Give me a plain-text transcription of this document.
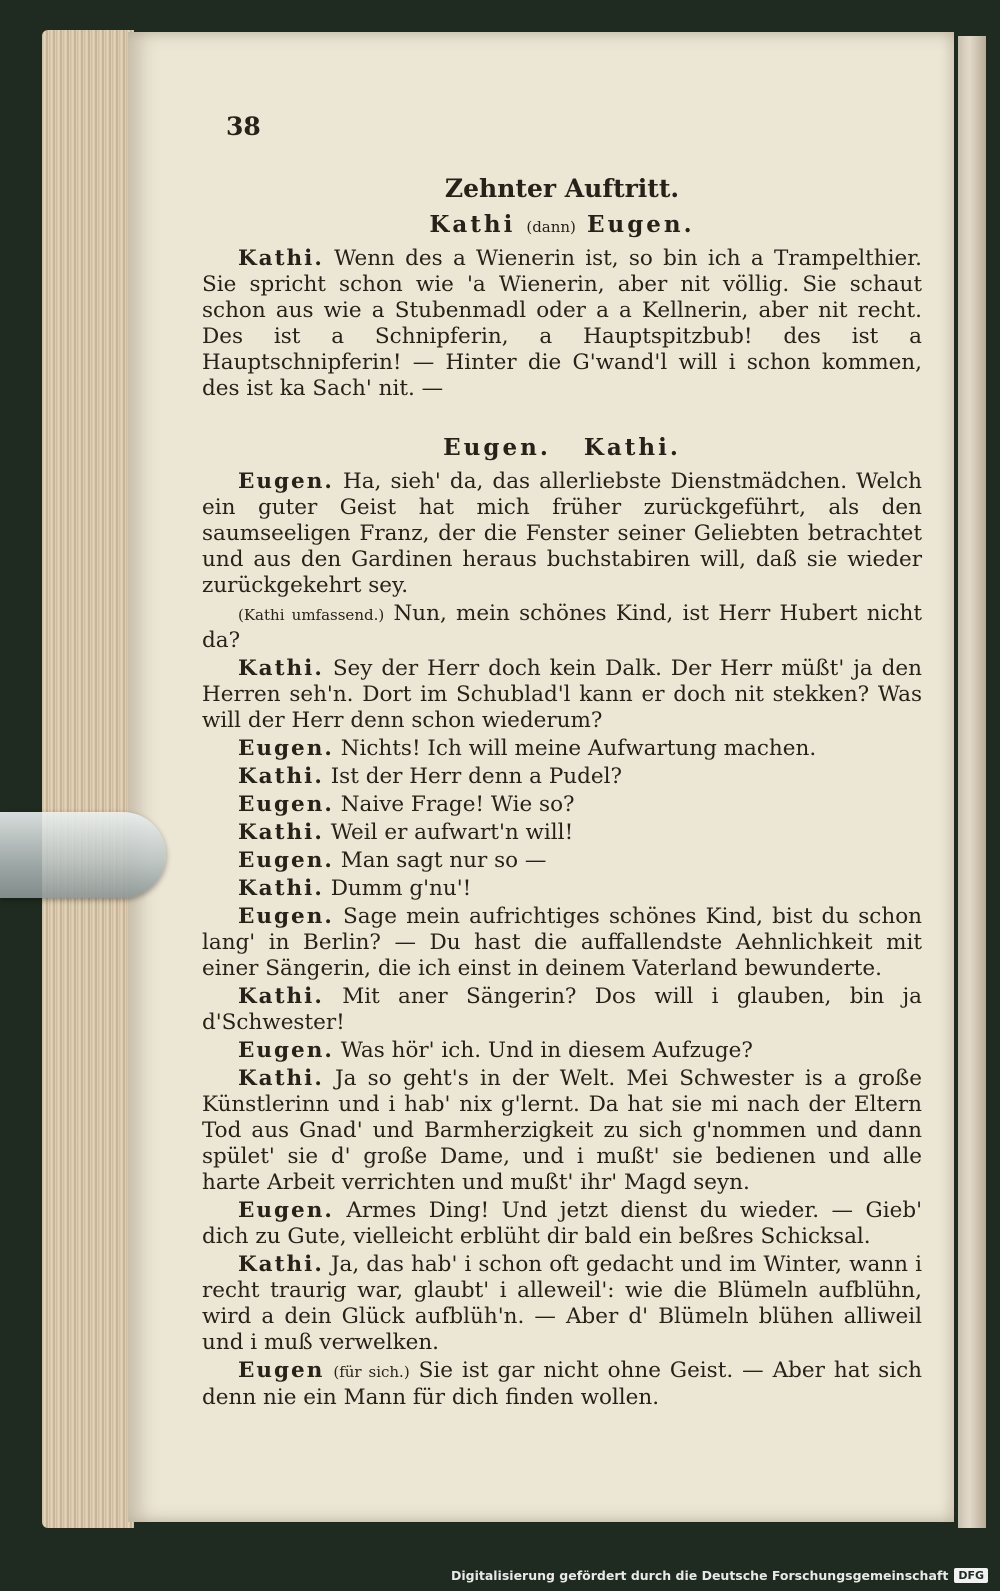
38
Zehnter Auftritt.
Kathi (dann) Eugen.

Kathi. Wenn des a Wienerin ist, so bin ich a Trampelthier. Sie spricht schon wie 'a Wienerin, aber nit völlig. Sie schaut schon aus wie a Stubenmadl oder a a Kellnerin, aber nit recht. Des ist a Schnipferin, a Hauptspitzbub! des ist a Hauptschnipferin! — Hinter die G'wand'l will i schon kommen, des ist ka Sach' nit. —

Eugen. Kathi.

Eugen. Ha, sieh' da, das allerliebste Dienstmädchen. Welch ein guter Geist hat mich früher zurückgeführt, als den saumseeligen Franz, der die Fenster seiner Geliebten betrachtet und aus den Gardinen heraus buchstabiren will, daß sie wieder zurückgekehrt sey.

(Kathi umfassend.) Nun, mein schönes Kind, ist Herr Hubert nicht da?

Kathi. Sey der Herr doch kein Dalk. Der Herr müßt' ja den Herren seh'n. Dort im Schublad'l kann er doch nit stekken? Was will der Herr denn schon wiederum?

Eugen. Nichts! Ich will meine Aufwartung machen.

Kathi. Ist der Herr denn a Pudel?

Eugen. Naive Frage! Wie so?

Kathi. Weil er aufwart'n will!

Eugen. Man sagt nur so —

Kathi. Dumm g'nu'!

Eugen. Sage mein aufrichtiges schönes Kind, bist du schon lang' in Berlin? — Du hast die auffallendste Aehnlichkeit mit einer Sängerin, die ich einst in deinem Vaterland bewunderte.

Kathi. Mit aner Sängerin? Dos will i glauben, bin ja d'Schwester!

Eugen. Was hör' ich. Und in diesem Aufzuge?

Kathi. Ja so geht's in der Welt. Mei Schwester is a große Künstlerinn und i hab' nix g'lernt. Da hat sie mi nach der Eltern Tod aus Gnad' und Barmherzigkeit zu sich g'nommen und dann spület' sie d' große Dame, und i mußt' sie bedienen und alle harte Arbeit verrichten und mußt' ihr' Magd seyn.

Eugen. Armes Ding! Und jetzt dienst du wieder. — Gieb' dich zu Gute, vielleicht erblüht dir bald ein beßres Schicksal.

Kathi. Ja, das hab' i schon oft gedacht und im Winter, wann i recht traurig war, glaubt' i alleweil': wie die Blümeln aufblühn, wird a dein Glück aufblüh'n. — Aber d' Blümeln blühen alliweil und i muß verwelken.

Eugen (für sich.) Sie ist gar nicht ohne Geist. — Aber hat sich denn nie ein Mann für dich finden wollen.

Digitalisierung gefördert durch die Deutsche Forschungsgemeinschaft DFG
